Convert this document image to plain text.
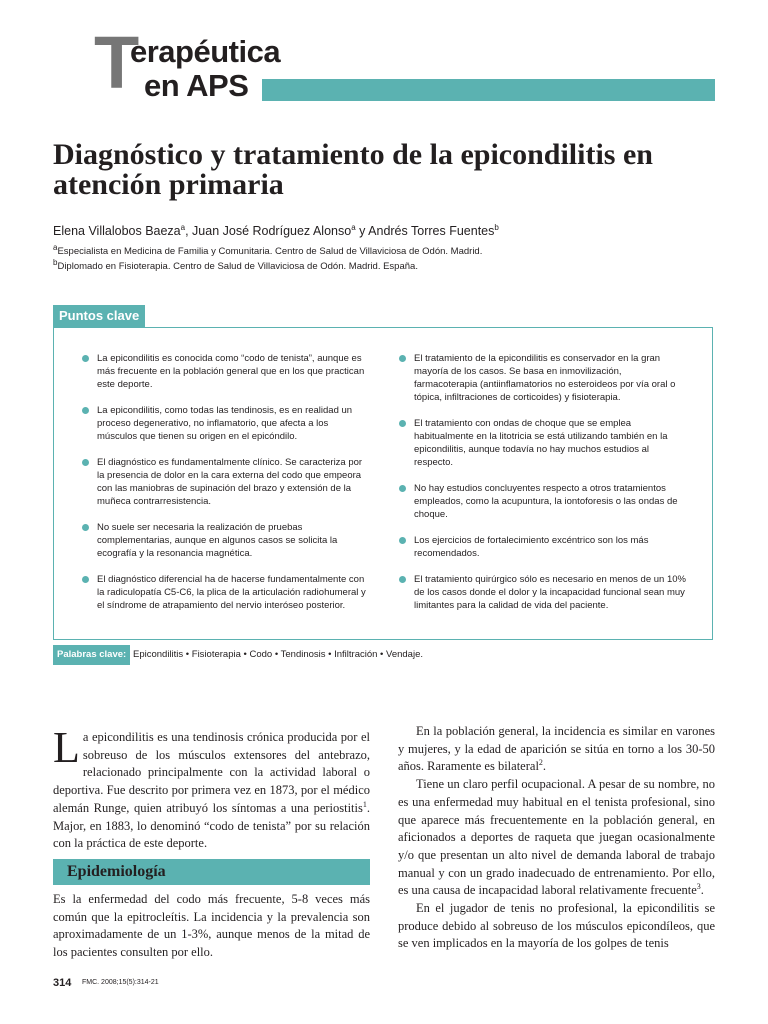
T
erapéutica
en APS
Diagnóstico y tratamiento de la epicondilitis en atención primaria
Elena Villalobos Baeza$^a$, Juan José Rodríguez Alonso$^a$ y Andrés Torres Fuentes$^b$
$^a$Especialista en Medicina de Familia y Comunitaria. Centro de Salud de Villaviciosa de Odón. Madrid.
$^b$Diplomado en Fisioterapia. Centro de Salud de Villaviciosa de Odón. Madrid. España.
Puntos clave
La epicondilitis es conocida como “codo de tenista”, aunque es más frecuente en la población general que en los que practican este deporte.
La epicondilitis, como todas las tendinosis, es en realidad un proceso degenerativo, no inflamatorio, que afecta a los músculos que tienen su origen en el epicóndilo.
El diagnóstico es fundamentalmente clínico. Se caracteriza por la presencia de dolor en la cara externa del codo que empeora con las maniobras de supinación del brazo y extensión de la muñeca contrarresistencia.
No suele ser necesaria la realización de pruebas complementarias, aunque en algunos casos se solicita la ecografía y la resonancia magnética.
El diagnóstico diferencial ha de hacerse fundamentalmente con la radiculopatía C5-C6, la plica de la articulación radiohumeral y el síndrome de atrapamiento del nervio interóseo posterior.
El tratamiento de la epicondilitis es conservador en la gran mayoría de los casos. Se basa en inmovilización, farmacoterapia (antiinflamatorios no esteroideos por vía oral o tópica, infiltraciones de corticoides) y fisioterapia.
El tratamiento con ondas de choque que se emplea habitualmente en la litotricia se está utilizando también en la epicondilitis, aunque todavía no hay muchos estudios al respecto.
No hay estudios concluyentes respecto a otros tratamientos empleados, como la acupuntura, la iontoforesis o las ondas de choque.
Los ejercicios de fortalecimiento excéntrico son los más recomendados.
El tratamiento quirúrgico sólo es necesario en menos de un 10% de los casos donde el dolor y la incapacidad funcional sean muy limitantes para la calidad de vida del paciente.
Palabras clave: Epicondilitis • Fisioterapia • Codo • Tendinosis • Infiltración • Vendaje.

La epicondilitis es una tendinosis crónica producida por el sobreuso de los músculos extensores del antebrazo, relacionado principalmente con la actividad laboral o deportiva. Fue descrito por primera vez en 1873, por el médico alemán Runge, quien atribuyó los síntomas a una periostitis$^1$. Major, en 1883, lo denominó “codo de tenista” por su relación con la práctica de este deporte.

Epidemiología

Es la enfermedad del codo más frecuente, 5-8 veces más común que la epitrocleítis. La incidencia y la prevalencia son aproximadamente de un 1-3%, aunque menos de la mitad de los pacientes consulten por ello.

En la población general, la incidencia es similar en varones y mujeres, y la edad de aparición se sitúa en torno a los 30-50 años. Raramente es bilateral$^2$.

Tiene un claro perfil ocupacional. A pesar de su nombre, no es una enfermedad muy habitual en el tenista profesional, sino que aparece más frecuentemente en la población general, en aficionados a deportes de raqueta que juegan ocasionalmente y/o que presentan un alto nivel de demanda laboral de trabajo manual y con un grado inadecuado de entrenamiento. Por ello, es una causa de incapacidad laboral relativamente frecuente$^3$.

En el jugador de tenis no profesional, la epicondilitis se produce debido al sobreuso de los músculos epicondíleos, que se ven implicados en la mayoría de los golpes de tenis

314 FMC. 2008;15(5):314-21
